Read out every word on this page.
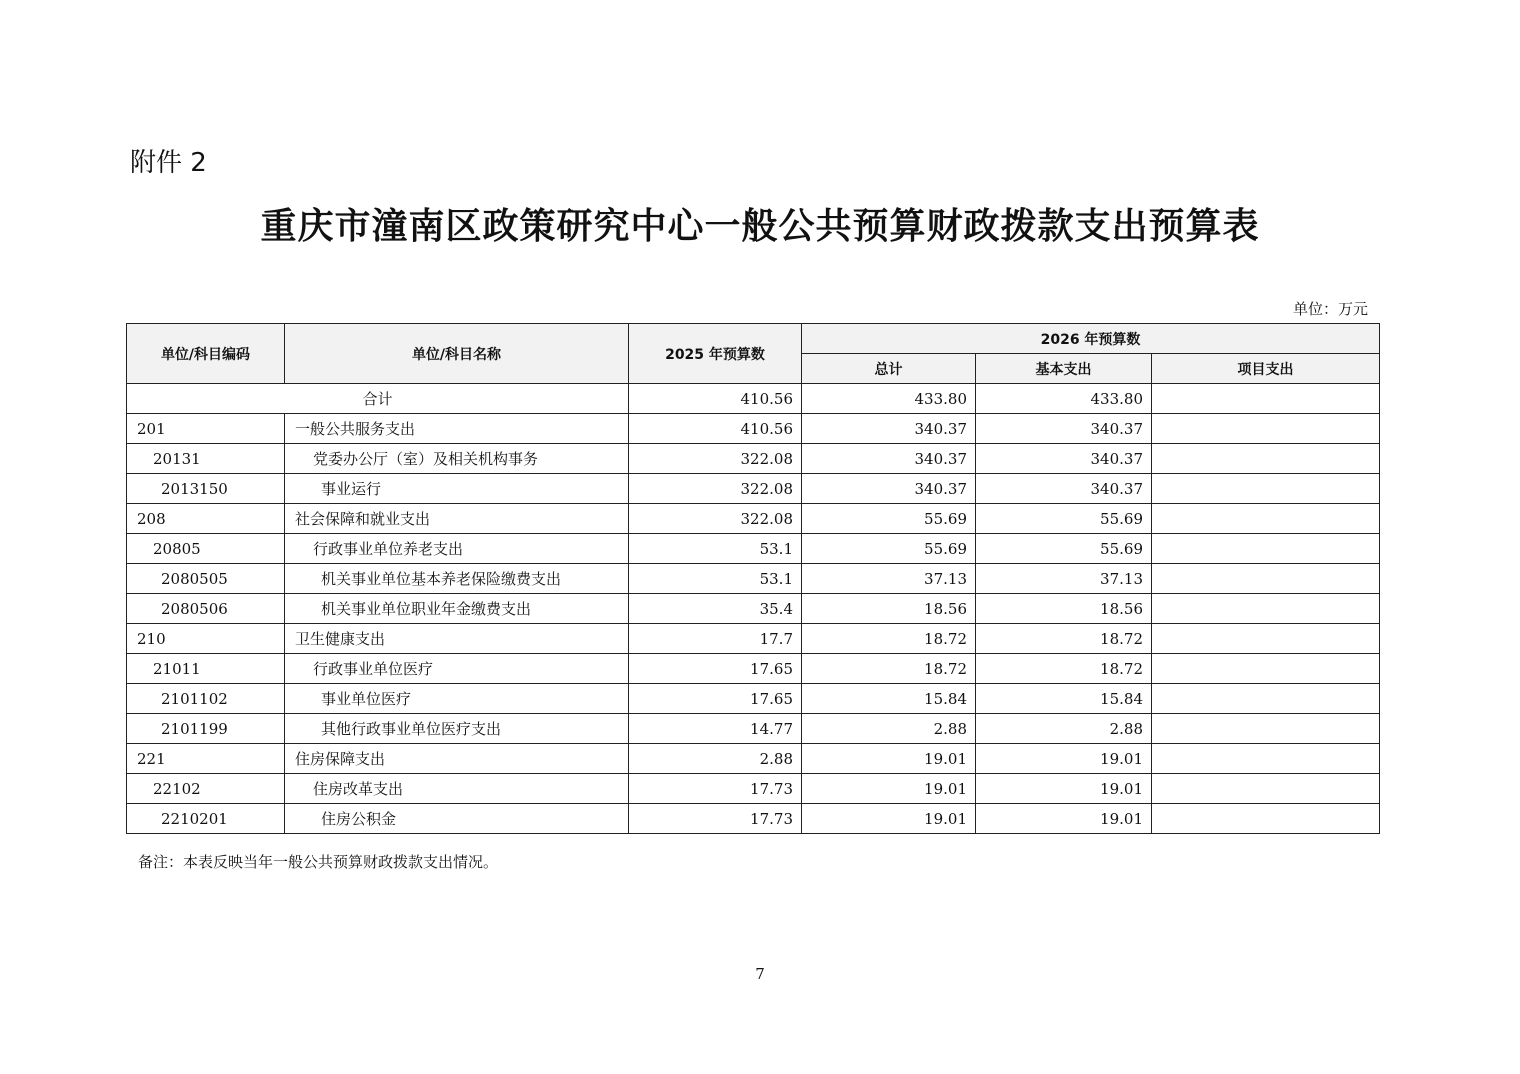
附件 2
重庆市潼南区政策研究中心一般公共预算财政拨款支出预算表
单位：万元
单位/科目编码	单位/科目名称	2025 年预算数	2026 年预算数		
			总计	基本支出	项目支出
合计		410.56	433.80	433.80	
201	一般公共服务支出	410.56	340.37	340.37	
20131	党委办公厅（室）及相关机构事务	322.08	340.37	340.37	
2013150	事业运行	322.08	340.37	340.37	
208	社会保障和就业支出	322.08	55.69	55.69	
20805	行政事业单位养老支出	53.1	55.69	55.69	
2080505	机关事业单位基本养老保险缴费支出	53.1	37.13	37.13	
2080506	机关事业单位职业年金缴费支出	35.4	18.56	18.56	
210	卫生健康支出	17.7	18.72	18.72	
21011	行政事业单位医疗	17.65	18.72	18.72	
2101102	事业单位医疗	17.65	15.84	15.84	
2101199	其他行政事业单位医疗支出	14.77	2.88	2.88	
221	住房保障支出	2.88	19.01	19.01	
22102	住房改革支出	17.73	19.01	19.01	
2210201	住房公积金	17.73	19.01	19.01	
备注：本表反映当年一般公共预算财政拨款支出情况。
7
